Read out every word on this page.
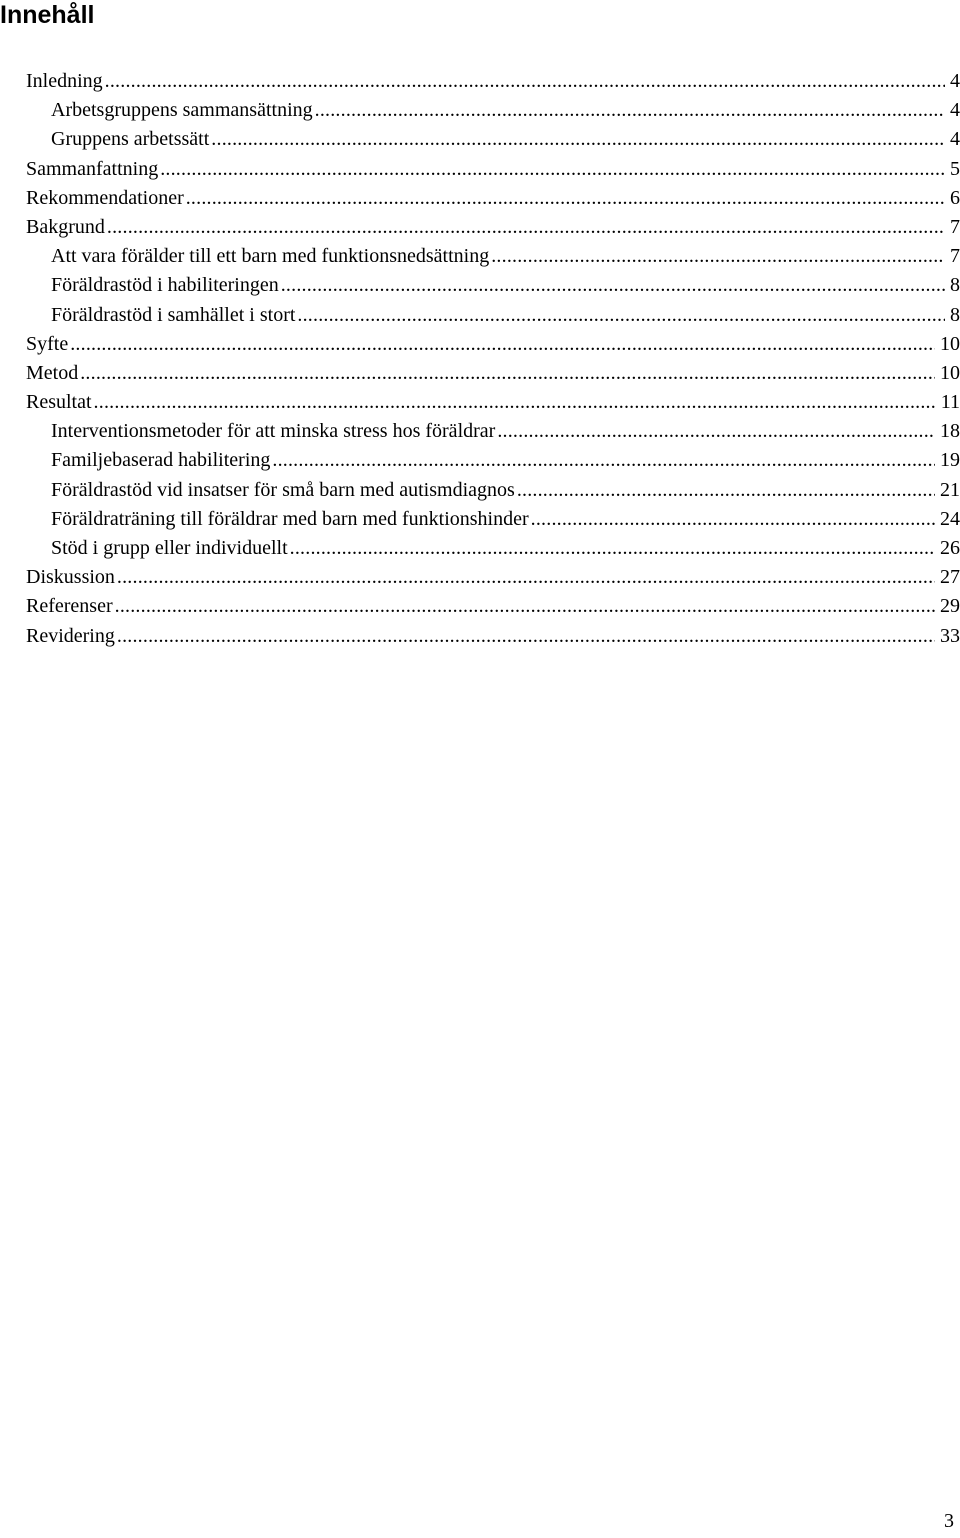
Innehåll
Inledning .....	4
Arbetsgruppens sammansättning .....	4
Gruppens arbetssätt .....	4
Sammanfattning .....	5
Rekommendationer .....	6
Bakgrund .....	7
Att vara förälder till ett barn med funktionsnedsättning .....	7
Föräldrastöd i habiliteringen .....	8
Föräldrastöd i samhället i stort .....	8
Syfte .....	10
Metod .....	10
Resultat .....	11
Interventionsmetoder för att minska stress hos föräldrar .....	18
Familjebaserad habilitering .....	19
Föräldrastöd vid insatser för små barn med autismdiagnos .....	21
Föräldraträning till föräldrar med barn med funktionshinder .....	24
Stöd i grupp eller individuellt .....	26
Diskussion .....	27
Referenser .....	29
Revidering .....	33
3
